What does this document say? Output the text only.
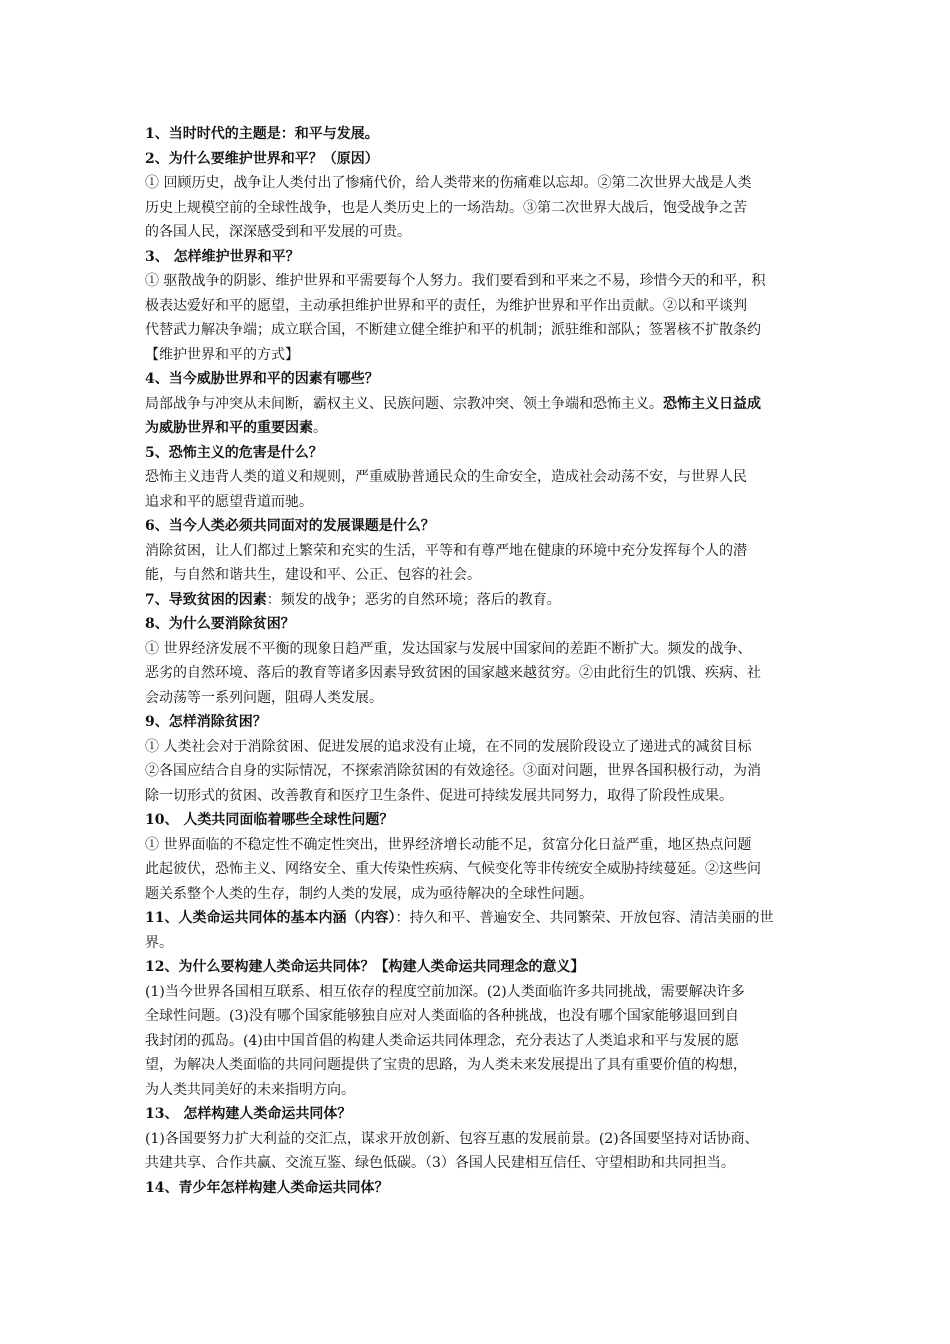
1、当时时代的主题是：和平与发展。
2、为什么要维护世界和平？（原因）
① 回顾历史，战争让人类付出了惨痛代价，给人类带来的伤痛难以忘却。②第二次世界大战是人类
历史上规模空前的全球性战争，也是人类历史上的一场浩劫。③第二次世界大战后，饱受战争之苦
的各国人民，深深感受到和平发展的可贵。
3、 怎样维护世界和平？
① 驱散战争的阴影、维护世界和平需要每个人努力。我们要看到和平来之不易，珍惜今天的和平，积
极表达爱好和平的愿望，主动承担维护世界和平的责任，为维护世界和平作出贡献。②以和平谈判
代替武力解决争端；成立联合国，不断建立健全维护和平的机制；派驻维和部队；签署核不扩散条约
【维护世界和平的方式】
4、当今威胁世界和平的因素有哪些？
局部战争与冲突从未间断，霸权主义、民族问题、宗教冲突、领土争端和恐怖主义。恐怖主义日益成
为威胁世界和平的重要因素。
5、恐怖主义的危害是什么？
恐怖主义违背人类的道义和规则，严重威胁普通民众的生命安全，造成社会动荡不安，与世界人民
追求和平的愿望背道而驰。
6、当今人类必须共同面对的发展课题是什么？
消除贫困，让人们都过上繁荣和充实的生活，平等和有尊严地在健康的环境中充分发挥每个人的潜
能，与自然和谐共生，建设和平、公正、包容的社会。
7、导致贫困的因素：频发的战争；恶劣的自然环境；落后的教育。
8、为什么要消除贫困？
① 世界经济发展不平衡的现象日趋严重，发达国家与发展中国家间的差距不断扩大。频发的战争、
恶劣的自然环境、落后的教育等诸多因素导致贫困的国家越来越贫穷。②由此衍生的饥饿、疾病、社
会动荡等一系列问题，阻碍人类发展。
9、怎样消除贫困？
① 人类社会对于消除贫困、促进发展的追求没有止境，在不同的发展阶段设立了递进式的减贫目标
②各国应结合自身的实际情况，不探索消除贫困的有效途径。③面对问题，世界各国积极行动，为消
除一切形式的贫困、改善教育和医疗卫生条件、促进可持续发展共同努力，取得了阶段性成果。
10、 人类共同面临着哪些全球性问题？
① 世界面临的不稳定性不确定性突出，世界经济增长动能不足，贫富分化日益严重，地区热点问题
此起彼伏，恐怖主义、网络安全、重大传染性疾病、气候变化等非传统安全威胁持续蔓延。②这些问
题关系整个人类的生存，制约人类的发展，成为亟待解决的全球性问题。
11、人类命运共同体的基本内涵（内容）：持久和平、普遍安全、共同繁荣、开放包容、清洁美丽的世
界。
12、为什么要构建人类命运共同体？【构建人类命运共同理念的意义】
(1)当今世界各国相互联系、相互依存的程度空前加深。(2)人类面临许多共同挑战，需要解决许多
全球性问题。(3)没有哪个国家能够独自应对人类面临的各种挑战，也没有哪个国家能够退回到自
我封闭的孤岛。(4)由中国首倡的构建人类命运共同体理念，充分表达了人类追求和平与发展的愿
望，为解决人类面临的共同问题提供了宝贵的思路，为人类未来发展提出了具有重要价值的构想，
为人类共同美好的未来指明方向。
13、 怎样构建人类命运共同体？
(1)各国要努力扩大利益的交汇点，谋求开放创新、包容互惠的发展前景。(2)各国要坚持对话协商、
共建共享、合作共赢、交流互鉴、绿色低碳。（3）各国人民建相互信任、守望相助和共同担当。
14、青少年怎样构建人类命运共同体？
